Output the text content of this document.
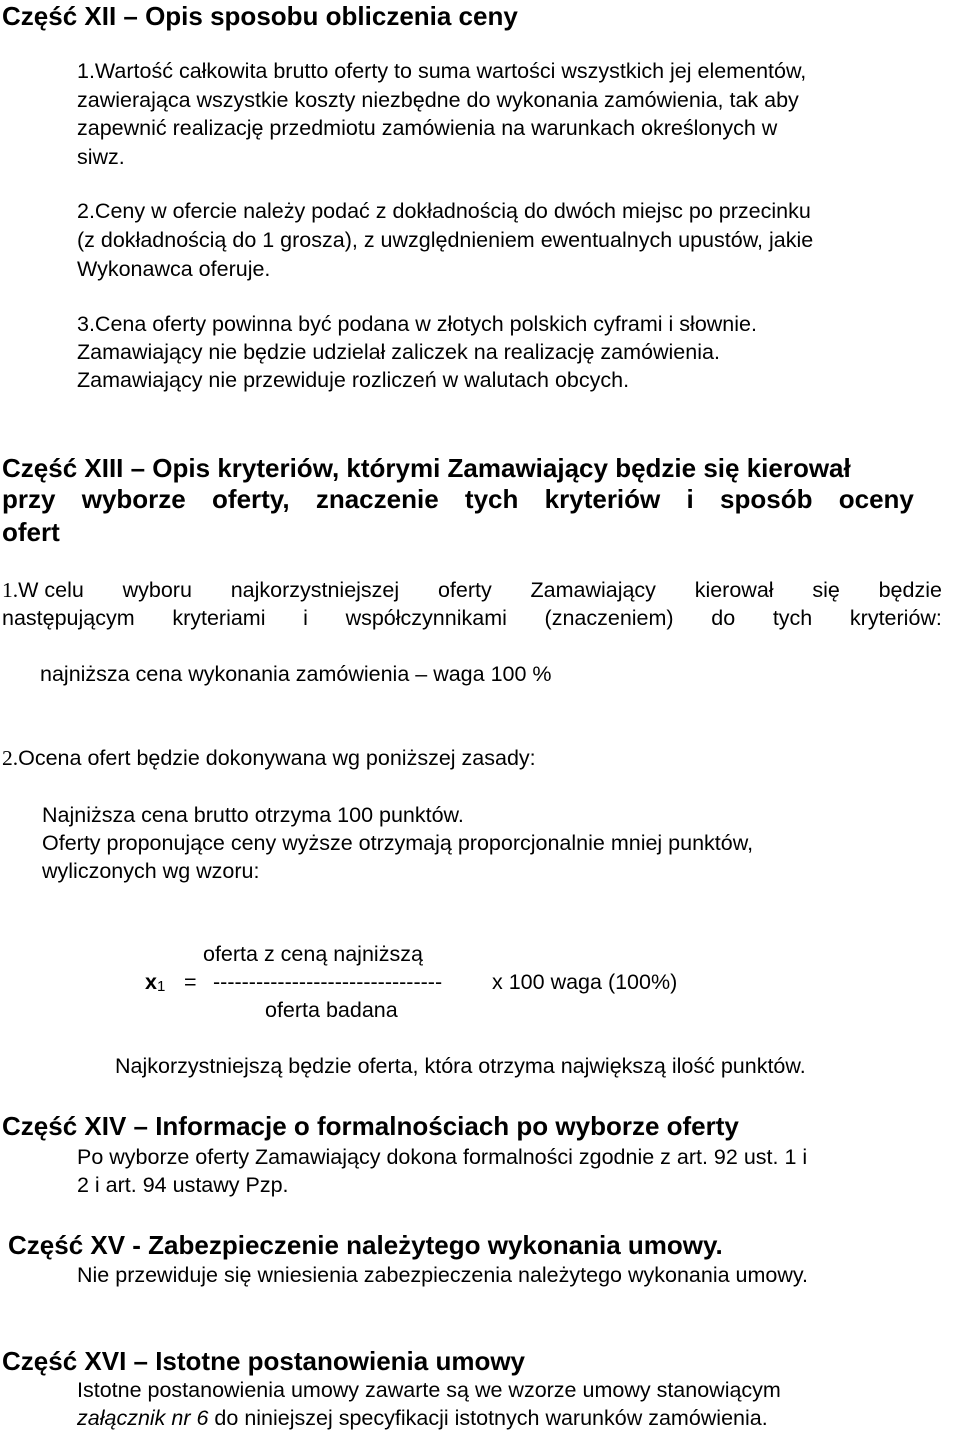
Część XII – Opis sposobu obliczenia ceny
1.Wartość całkowita brutto oferty to suma wartości wszystkich jej elementów,
zawierająca wszystkie koszty niezbędne do wykonania zamówienia, tak aby
zapewnić realizację przedmiotu zamówienia na warunkach określonych w
siwz.
2.Ceny w ofercie należy podać z dokładnością do dwóch miejsc po przecinku
(z dokładnością do 1 grosza), z uwzględnieniem ewentualnych upustów, jakie
Wykonawca oferuje.
3.Cena oferty powinna być podana w złotych polskich cyframi i słownie.
Zamawiający nie będzie udzielał zaliczek na realizację zamówienia.
Zamawiający nie przewiduje rozliczeń w walutach obcych.
Część XIII – Opis kryteriów, którymi Zamawiający będzie się kierował
przy wyborze oferty, znaczenie tych kryteriów i sposób oceny
ofert
1.W celu wyboru najkorzystniejszej oferty Zamawiający kierował się będzie
następującym kryteriami i współczynnikami (znaczeniem) do tych kryteriów:
najniższa cena wykonania zamówienia – waga 100 %
2.Ocena ofert będzie dokonywana wg poniższej zasady:
Najniższa cena brutto otrzyma 100 punktów.
Oferty proponujące ceny wyższe otrzymają proporcjonalnie mniej punktów,
wyliczonych wg wzoru:
oferta z ceną najniższą
$x_1$ = -------------------------------- x 100 waga (100%)
oferta badana
Najkorzystniejszą będzie oferta, która otrzyma największą ilość punktów.
Część XIV – Informacje o formalnościach po wyborze oferty
Po wyborze oferty Zamawiający dokona formalności zgodnie z art. 92 ust. 1 i
2 i art. 94 ustawy Pzp.
Część XV - Zabezpieczenie należytego wykonania umowy.
Nie przewiduje się wniesienia zabezpieczenia należytego wykonania umowy.
Część XVI – Istotne postanowienia umowy
Istotne postanowienia umowy zawarte są we wzorze umowy stanowiącym
załącznik nr 6 do niniejszej specyfikacji istotnych warunków zamówienia.
